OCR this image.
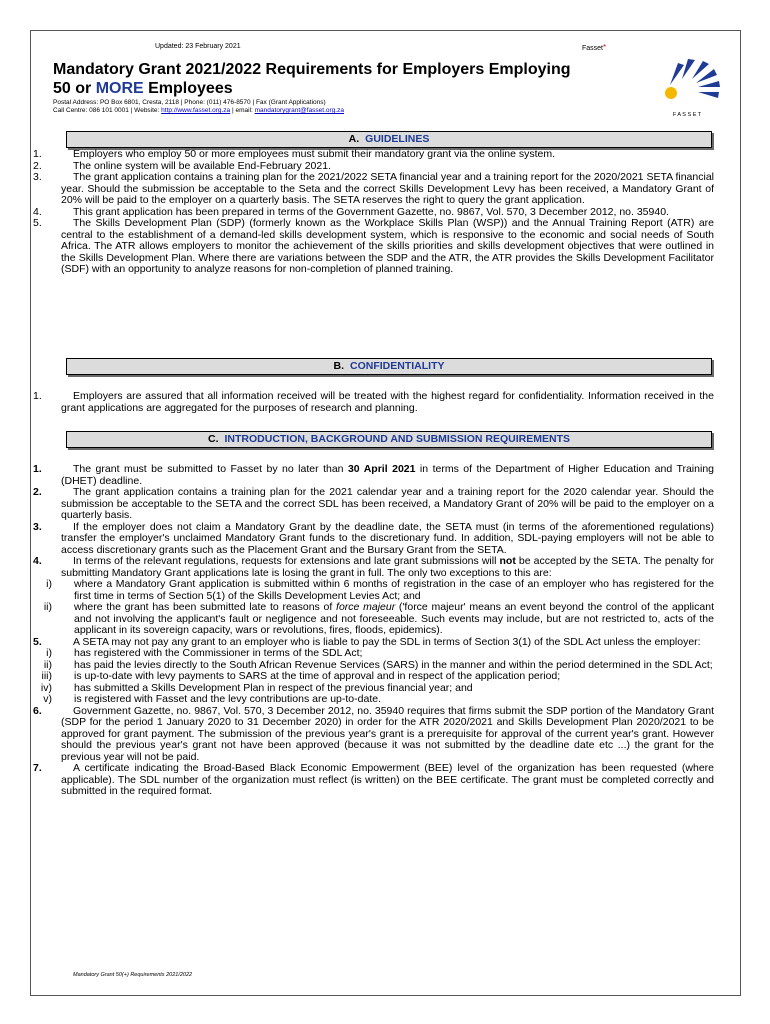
Updated: 23 February 2021	Fasset*
Mandatory Grant 2021/2022 Requirements for Employers Employing
50 or MORE Employees
Postal Address: PO Box 6801, Cresta, 2118 | Phone: (011) 476-8570 | Fax (Grant Applications)
Call Centre: 086 101 0001 | Website: http://www.fasset.org.za | email: mandatorygrant@fasset.org.za
F A S S E T
A. GUIDELINES
1.	Employers who employ 50 or more employees must submit their mandatory grant via the online system.
2.	The online system will be available End-February 2021.
3.	The grant application contains a training plan for the 2021/2022 SETA financial year and a training report for the 2020/2021 SETA financial year. Should the submission be acceptable to the Seta and the correct Skills Development Levy has been received, a Mandatory Grant of 20% will be paid to the employer on a quarterly basis. The SETA reserves the right to query the grant application.
4.	This grant application has been prepared in terms of the Government Gazette, no. 9867, Vol. 570, 3 December 2012, no. 35940.
5.	The Skills Development Plan (SDP) (formerly known as the Workplace Skills Plan (WSP)) and the Annual Training Report (ATR) are central to the establishment of a demand-led skills development system, which is responsive to the economic and social needs of South Africa. The ATR allows employers to monitor the achievement of the skills priorities and skills development objectives that were outlined in the Skills Development Plan. Where there are variations between the SDP and the ATR, the ATR provides the Skills Development Facilitator (SDF) with an opportunity to analyze reasons for non-completion of planned training.
B. CONFIDENTIALITY
1.	Employers are assured that all information received will be treated with the highest regard for confidentiality. Information received in the grant applications are aggregated for the purposes of research and planning.
C. INTRODUCTION, BACKGROUND AND SUBMISSION REQUIREMENTS
1.	The grant must be submitted to Fasset by no later than 30 April 2021 in terms of the Department of Higher Education and Training (DHET) deadline.
2.	The grant application contains a training plan for the 2021 calendar year and a training report for the 2020 calendar year. Should the submission be acceptable to the SETA and the correct SDL has been received, a Mandatory Grant of 20% will be paid to the employer on a quarterly basis.
3.	If the employer does not claim a Mandatory Grant by the deadline date, the SETA must (in terms of the aforementioned regulations) transfer the employer's unclaimed Mandatory Grant funds to the discretionary fund. In addition, SDL-paying employers will not be able to access discretionary grants such as the Placement Grant and the Bursary Grant from the SETA.
4.	In terms of the relevant regulations, requests for extensions and late grant submissions will not be accepted by the SETA. The penalty for submitting Mandatory Grant applications late is losing the grant in full. The only two exceptions to this are:
i) where a Mandatory Grant application is submitted within 6 months of registration in the case of an employer who has registered for the first time in terms of Section 5(1) of the Skills Development Levies Act; and
ii) where the grant has been submitted late to reasons of force majeur ('force majeur' means an event beyond the control of the applicant and not involving the applicant's fault or negligence and not foreseeable. Such events may include, but are not restricted to, acts of the applicant in its sovereign capacity, wars or revolutions, fires, floods, epidemics).
5.	A SETA may not pay any grant to an employer who is liable to pay the SDL in terms of Section 3(1) of the SDL Act unless the employer:
i) has registered with the Commissioner in terms of the SDL Act;
ii) has paid the levies directly to the South African Revenue Services (SARS) in the manner and within the period determined in the SDL Act;
iii) is up-to-date with levy payments to SARS at the time of approval and in respect of the application period;
iv) has submitted a Skills Development Plan in respect of the previous financial year; and
v) is registered with Fasset and the levy contributions are up-to-date.
6.	Government Gazette, no. 9867, Vol. 570, 3 December 2012, no. 35940 requires that firms submit the SDP portion of the Mandatory Grant (SDP for the period 1 January 2020 to 31 December 2020) in order for the ATR 2020/2021 and Skills Development Plan 2020/2021 to be approved for grant payment. The submission of the previous year's grant is a prerequisite for approval of the current year's grant. However should the previous year's grant not have been approved (because it was not submitted by the deadline date etc ...) the grant for the previous year will not be paid.
7.	A certificate indicating the Broad-Based Black Economic Empowerment (BEE) level of the organization has been requested (where applicable). The SDL number of the organization must reflect (is written) on the BEE certificate. The grant must be completed correctly and submitted in the required format.
Mandatory Grant 50(+) Requirements 2021/2022
